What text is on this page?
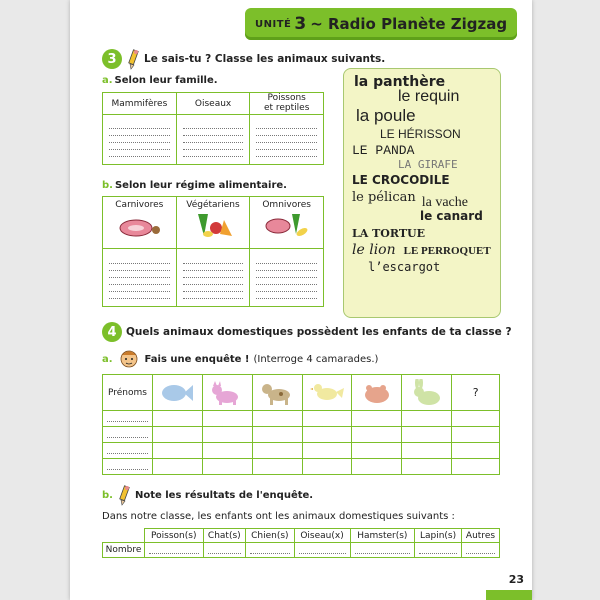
UNITÉ 3 ~ Radio Planète Zigzag
3	Le sais-tu ? Classe les animaux suivants.
a. Selon leur famille.
Mammifères	Oiseaux	Poissons
et reptiles

b. Selon leur régime alimentaire.
Carnivores	Végétariens	Omnivores

la panthère
le requin
la poule
LE HÉRISSON
LE PANDA
LA GIRAFE
LE CROCODILE
le pélican la vache
le canard
LA TORTUE
le lion LE PERROQUET
l’escargot
4 Quels animaux domestiques possèdent les enfants de ta classe ?
a.	Fais une enquête ! (Interroge 4 camarades.)
Prénoms							?

b. Note les résultats de l'enquête.
Dans notre classe, les enfants ont les animaux domestiques suivants :
	Poisson(s)	Chat(s)	Chien(s)	Oiseau(x)	Hamster(s)	Lapin(s)	Autres
Nombre	

23
